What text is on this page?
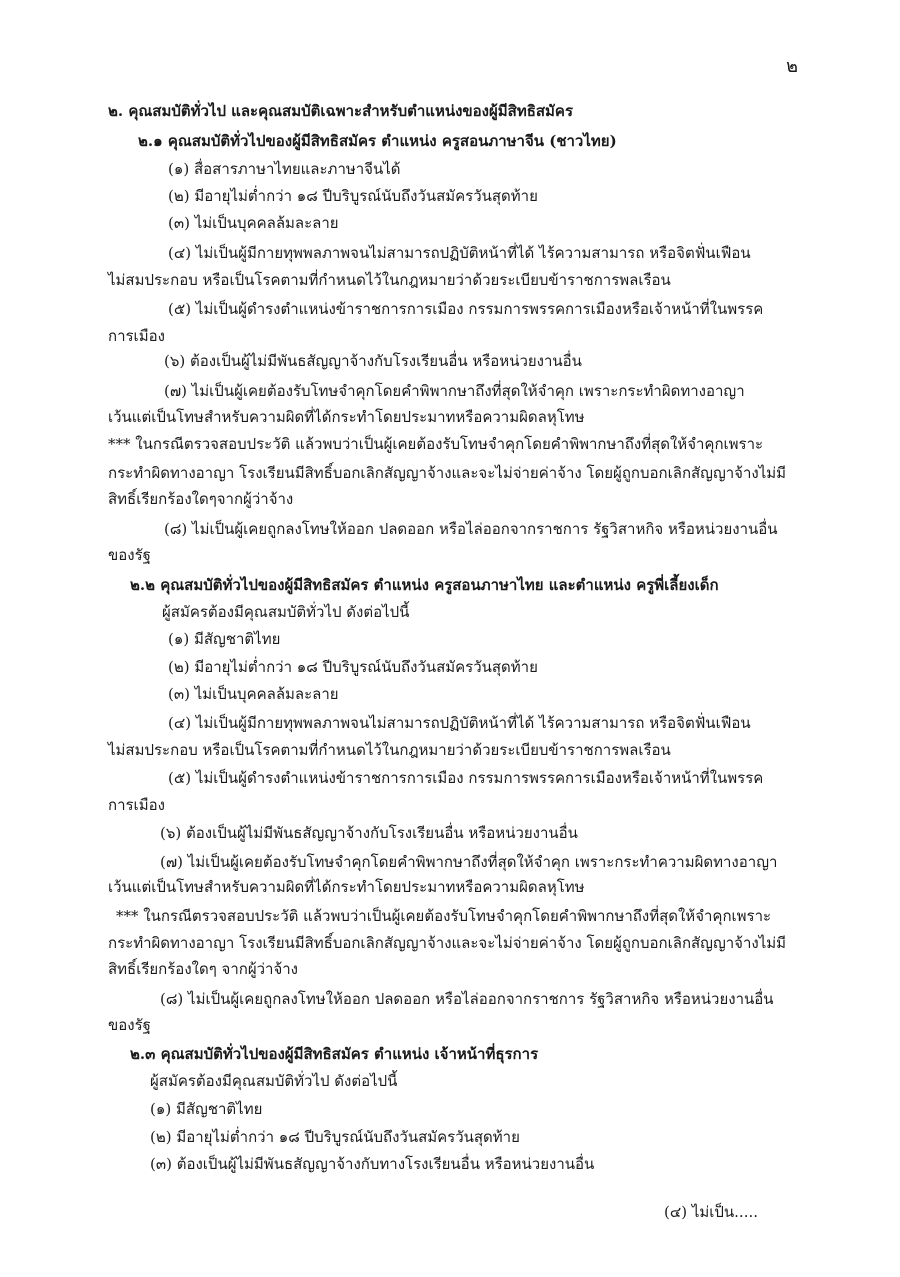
๒
๒. คุณสมบัติทั่วไป และคุณสมบัติเฉพาะสำหรับตำแหน่งของผู้มีสิทธิสมัคร
๒.๑ คุณสมบัติทั่วไปของผู้มีสิทธิสมัคร ตำแหน่ง ครูสอนภาษาจีน (ชาวไทย)
(๑) สื่อสารภาษาไทยและภาษาจีนได้
(๒) มีอายุไม่ต่ำกว่า ๑๘ ปีบริบูรณ์นับถึงวันสมัครวันสุดท้าย
(๓) ไม่เป็นบุคคลล้มละลาย
(๔) ไม่เป็นผู้มีกายทุพพลภาพจนไม่สามารถปฏิบัติหน้าที่ได้ ไร้ความสามารถ หรือจิตฟั่นเฟือน
ไม่สมประกอบ หรือเป็นโรคตามที่กำหนดไว้ในกฎหมายว่าด้วยระเบียบข้าราชการพลเรือน
(๕) ไม่เป็นผู้ดำรงตำแหน่งข้าราชการการเมือง กรรมการพรรคการเมืองหรือเจ้าหน้าที่ในพรรค
การเมือง
(๖) ต้องเป็นผู้ไม่มีพันธสัญญาจ้างกับโรงเรียนอื่น หรือหน่วยงานอื่น
(๗) ไม่เป็นผู้เคยต้องรับโทษจำคุกโดยคำพิพากษาถึงที่สุดให้จำคุก เพราะกระทำผิดทางอาญา
เว้นแต่เป็นโทษสำหรับความผิดที่ได้กระทำโดยประมาทหรือความผิดลหุโทษ
*** ในกรณีตรวจสอบประวัติ แล้วพบว่าเป็นผู้เคยต้องรับโทษจำคุกโดยคำพิพากษาถึงที่สุดให้จำคุกเพราะ
กระทำผิดทางอาญา โรงเรียนมีสิทธิ์บอกเลิกสัญญาจ้างและจะไม่จ่ายค่าจ้าง โดยผู้ถูกบอกเลิกสัญญาจ้างไม่มี
สิทธิ์เรียกร้องใดๆจากผู้ว่าจ้าง
(๘) ไม่เป็นผู้เคยถูกลงโทษให้ออก ปลดออก หรือไล่ออกจากราชการ รัฐวิสาหกิจ หรือหน่วยงานอื่น
ของรัฐ
๒.๒ คุณสมบัติทั่วไปของผู้มีสิทธิสมัคร ตำแหน่ง ครูสอนภาษาไทย และตำแหน่ง ครูพี่เลี้ยงเด็ก
ผู้สมัครต้องมีคุณสมบัติทั่วไป ดังต่อไปนี้
(๑) มีสัญชาติไทย
(๒) มีอายุไม่ต่ำกว่า ๑๘ ปีบริบูรณ์นับถึงวันสมัครวันสุดท้าย
(๓) ไม่เป็นบุคคลล้มละลาย
(๔) ไม่เป็นผู้มีกายทุพพลภาพจนไม่สามารถปฏิบัติหน้าที่ได้ ไร้ความสามารถ หรือจิตฟั่นเฟือน
ไม่สมประกอบ หรือเป็นโรคตามที่กำหนดไว้ในกฎหมายว่าด้วยระเบียบข้าราชการพลเรือน
(๕) ไม่เป็นผู้ดำรงตำแหน่งข้าราชการการเมือง กรรมการพรรคการเมืองหรือเจ้าหน้าที่ในพรรค
การเมือง
(๖) ต้องเป็นผู้ไม่มีพันธสัญญาจ้างกับโรงเรียนอื่น หรือหน่วยงานอื่น
(๗) ไม่เป็นผู้เคยต้องรับโทษจำคุกโดยคำพิพากษาถึงที่สุดให้จำคุก เพราะกระทำความผิดทางอาญา
เว้นแต่เป็นโทษสำหรับความผิดที่ได้กระทำโดยประมาทหรือความผิดลหุโทษ
*** ในกรณีตรวจสอบประวัติ แล้วพบว่าเป็นผู้เคยต้องรับโทษจำคุกโดยคำพิพากษาถึงที่สุดให้จำคุกเพราะ
กระทำผิดทางอาญา โรงเรียนมีสิทธิ์บอกเลิกสัญญาจ้างและจะไม่จ่ายค่าจ้าง โดยผู้ถูกบอกเลิกสัญญาจ้างไม่มี
สิทธิ์เรียกร้องใดๆ จากผู้ว่าจ้าง
(๘) ไม่เป็นผู้เคยถูกลงโทษให้ออก ปลดออก หรือไล่ออกจากราชการ รัฐวิสาหกิจ หรือหน่วยงานอื่น
ของรัฐ
๒.๓ คุณสมบัติทั่วไปของผู้มีสิทธิสมัคร ตำแหน่ง เจ้าหน้าที่ธุรการ
ผู้สมัครต้องมีคุณสมบัติทั่วไป ดังต่อไปนี้
(๑) มีสัญชาติไทย
(๒) มีอายุไม่ต่ำกว่า ๑๘ ปีบริบูรณ์นับถึงวันสมัครวันสุดท้าย
(๓) ต้องเป็นผู้ไม่มีพันธสัญญาจ้างกับทางโรงเรียนอื่น หรือหน่วยงานอื่น
(๔) ไม่เป็น.....
